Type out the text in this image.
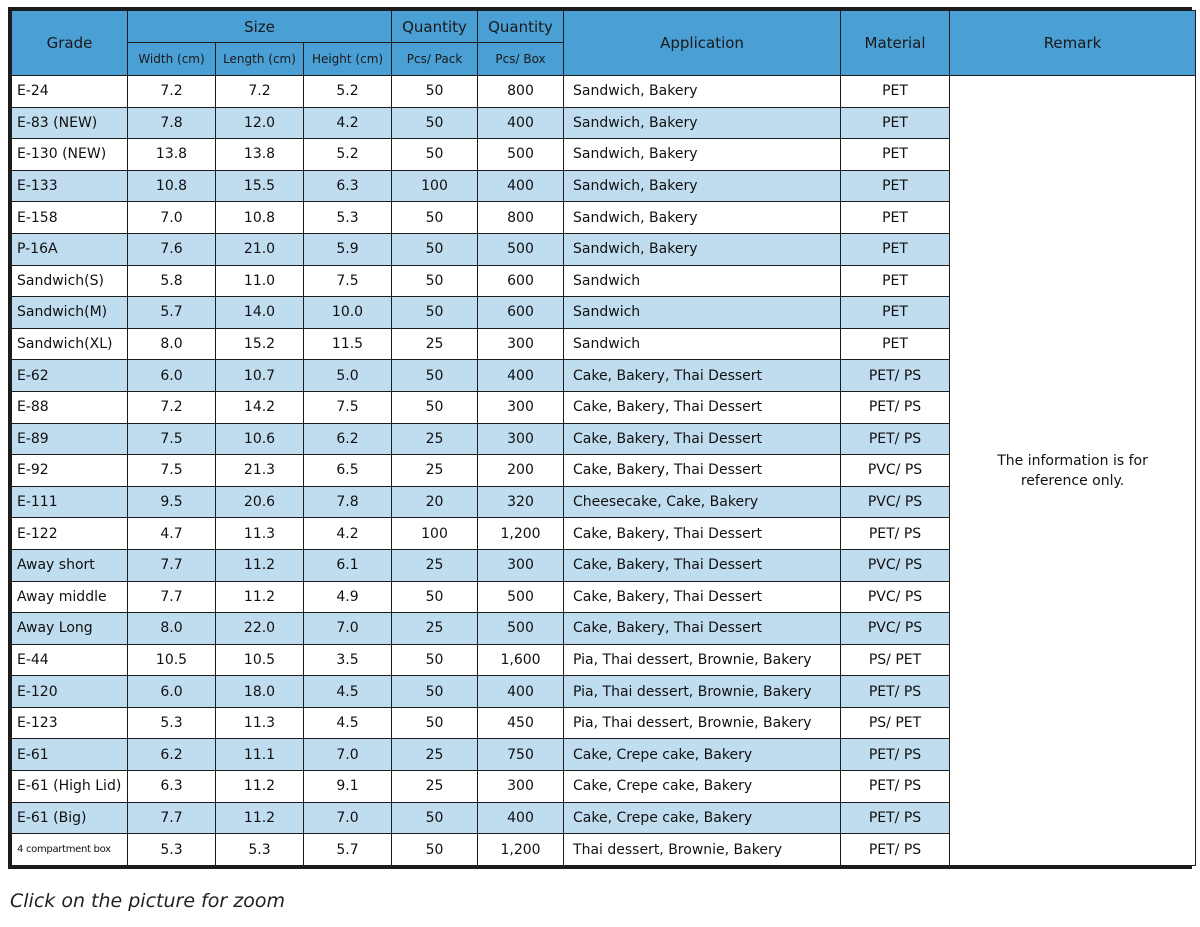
Grade	Size			Quantity	Quantity	Application	Material	Remark
	Width (cm)	Length (cm)	Height (cm)	Pcs/ Pack	Pcs/ Box			
E-24	7.2	7.2	5.2	50	800	Sandwich, Bakery	PET	The information is for reference only.
E-83 (NEW)	7.8	12.0	4.2	50	400	Sandwich, Bakery	PET	
E-130 (NEW)	13.8	13.8	5.2	50	500	Sandwich, Bakery	PET	
E-133	10.8	15.5	6.3	100	400	Sandwich, Bakery	PET	
E-158	7.0	10.8	5.3	50	800	Sandwich, Bakery	PET	
P-16A	7.6	21.0	5.9	50	500	Sandwich, Bakery	PET	
Sandwich(S)	5.8	11.0	7.5	50	600	Sandwich	PET	
Sandwich(M)	5.7	14.0	10.0	50	600	Sandwich	PET	
Sandwich(XL)	8.0	15.2	11.5	25	300	Sandwich	PET	
E-62	6.0	10.7	5.0	50	400	Cake, Bakery, Thai Dessert	PET/ PS	
E-88	7.2	14.2	7.5	50	300	Cake, Bakery, Thai Dessert	PET/ PS	
E-89	7.5	10.6	6.2	25	300	Cake, Bakery, Thai Dessert	PET/ PS	
E-92	7.5	21.3	6.5	25	200	Cake, Bakery, Thai Dessert	PVC/ PS	
E-111	9.5	20.6	7.8	20	320	Cheesecake, Cake, Bakery	PVC/ PS	
E-122	4.7	11.3	4.2	100	1,200	Cake, Bakery, Thai Dessert	PET/ PS	
Away short	7.7	11.2	6.1	25	300	Cake, Bakery, Thai Dessert	PVC/ PS	
Away middle	7.7	11.2	4.9	50	500	Cake, Bakery, Thai Dessert	PVC/ PS	
Away Long	8.0	22.0	7.0	25	500	Cake, Bakery, Thai Dessert	PVC/ PS	
E-44	10.5	10.5	3.5	50	1,600	Pia, Thai dessert, Brownie, Bakery	PS/ PET	
E-120	6.0	18.0	4.5	50	400	Pia, Thai dessert, Brownie, Bakery	PET/ PS	
E-123	5.3	11.3	4.5	50	450	Pia, Thai dessert, Brownie, Bakery	PS/ PET	
E-61	6.2	11.1	7.0	25	750	Cake, Crepe cake, Bakery	PET/ PS	
E-61 (High Lid)	6.3	11.2	9.1	25	300	Cake, Crepe cake, Bakery	PET/ PS	
E-61 (Big)	7.7	11.2	7.0	50	400	Cake, Crepe cake, Bakery	PET/ PS	
4 compartment box	5.3	5.3	5.7	50	1,200	Thai dessert, Brownie, Bakery	PET/ PS	
Click on the picture for zoom
